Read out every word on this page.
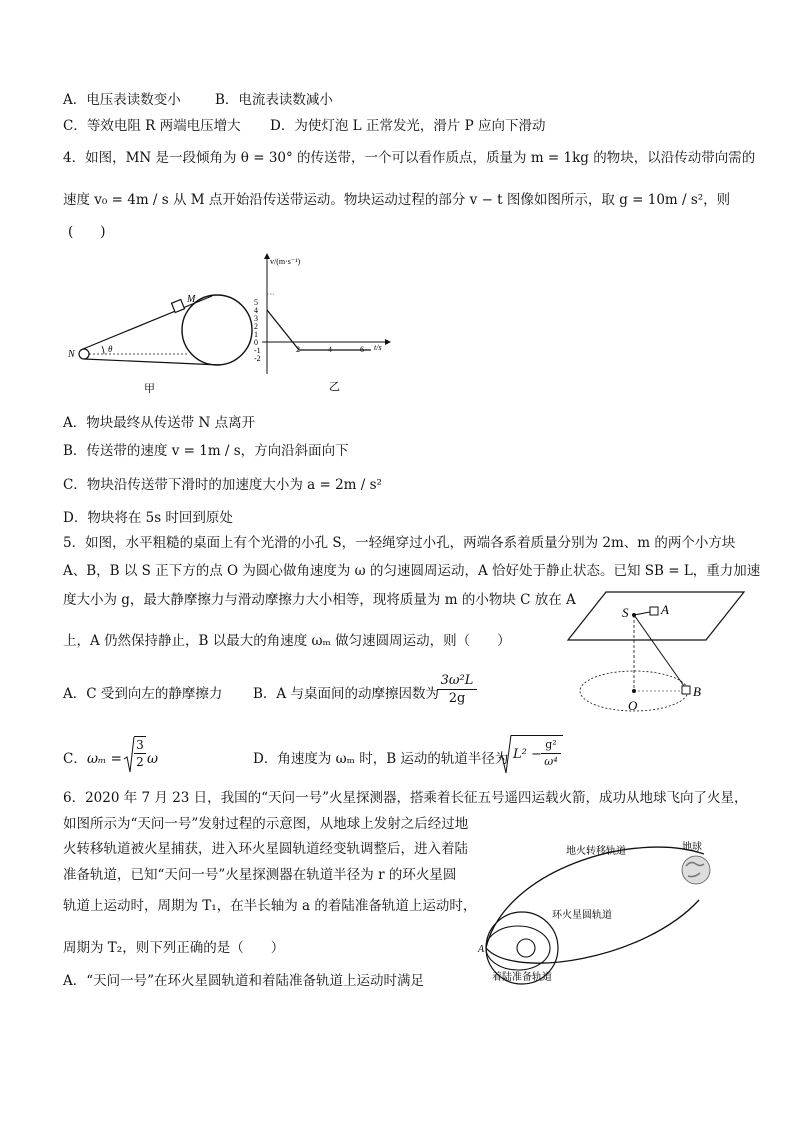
A．电压表读数变小	B．电流表读数减小
C．等效电阻 R 两端电压增大 D．为使灯泡 L 正常发光，滑片 P 应向下滑动
4．如图，MN 是一段倾角为 θ = 30° 的传送带，一个可以看作质点，质量为 m = 1kg 的物块，以沿传动带向需的
速度 v₀ = 4m / s 从 M 点开始沿传送带运动。物块运动过程的部分 v − t 图像如图所示，取 g = 10m / s²，则
(　　)
M
N	θ
甲
5
4
3
2
1
0
-1
-2
2	4	6
v/(m·s⁻¹)
t/s
乙
A．物块最终从传送带 N 点离开
B．传送带的速度 v = 1m / s，方向沿斜面向下
C．物块沿传送带下滑时的加速度大小为 a = 2m / s²
D．物块将在 5s 时回到原处
5．如图，水平粗糙的桌面上有个光滑的小孔 S，一轻绳穿过小孔，两端各系着质量分别为 2m、m 的两个小方块
A、B，B 以 S 正下方的点 O 为圆心做角速度为 ω 的匀速圆周运动，A 恰好处于静止状态。已知 SB = L，重力加速
度大小为 g，最大静摩擦力与滑动摩擦力大小相等，现将质量为 m 的小物块 C 放在 A
上，A 仍然保持静止，B 以最大的角速度 ωₘ 做匀速圆周运动，则（　　）
S	A
O
B
A．C 受到向左的静摩擦力 B．A 与桌面间的动摩擦因数为
$\frac{\text{3ω²L}}{2g}$
C． $\omega_m = \frac{3}{2}$ ω	D．角速度为 ωₘ 时，B 运动的轨道半径为 $L^2 - \frac{\text{g²}}{\text{ω⁴}}$
6．2020 年 7 月 23 日，我国的“天问一号”火星探测器，搭乘着长征五号遥四运载火箭，成功从地球飞向了火星，
如图所示为“天问一号”发射过程的示意图，从地球上发射之后经过地
火转移轨道被火星捕获，进入环火星圆轨道经变轨调整后，进入着陆
准备轨道，已知“天问一号”火星探测器在轨道半径为 r 的环火星圆
轨道上运动时，周期为 T₁，在半长轴为 a 的着陆准备轨道上运动时，
周期为 T₂，则下列正确的是（　　）
A．“天问一号”在环火星圆轨道和着陆准备轨道上运动时满足
地火转移轨道	地球
环火星圆轨道
着陆准备轨道
A
